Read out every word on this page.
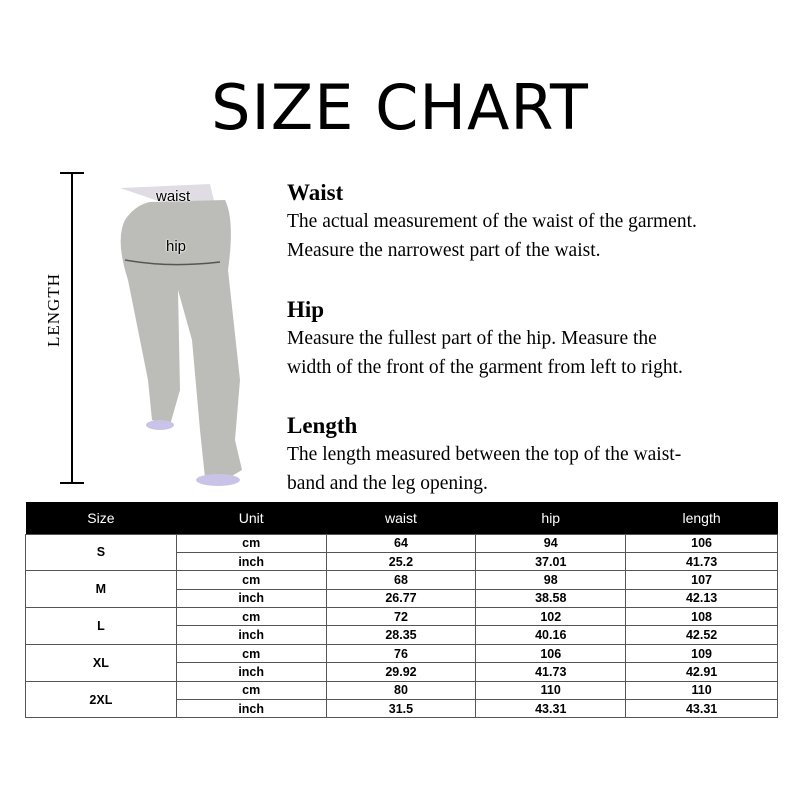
SIZE CHART
LENGTH
waist
hip
Waist
The actual measurement of the waist of the garment.
Measure the narrowest part of the waist.
Hip
Measure the fullest part of the hip. Measure the
width of the front of the garment from left to right.
Length
The length measured between the top of the waist-
band and the leg opening.
Size	Unit	waist	hip	length
S	cm	64	94	106
	inch	25.2	37.01	41.73
M	cm	68	98	107
	inch	26.77	38.58	42.13
L	cm	72	102	108
	inch	28.35	40.16	42.52
XL	cm	76	106	109
	inch	29.92	41.73	42.91
2XL	cm	80	110	110
	inch	31.5	43.31	43.31
